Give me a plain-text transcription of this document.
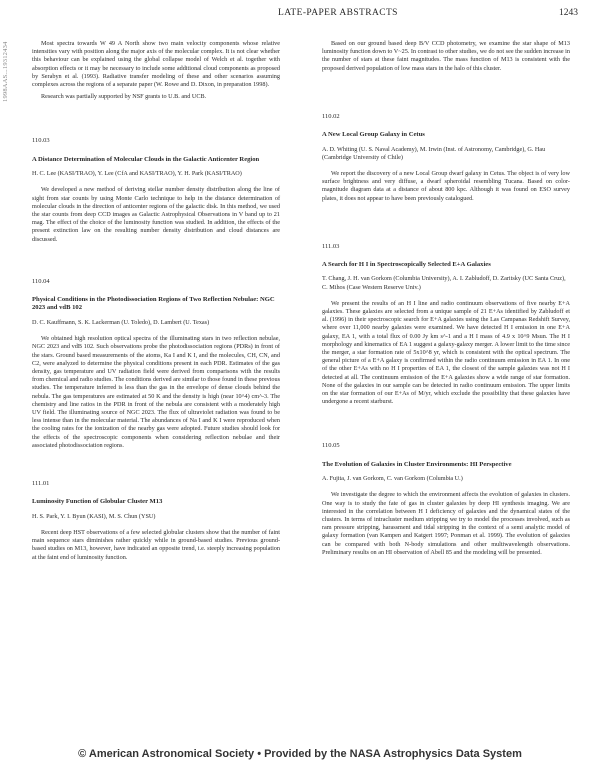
LATE-PAPER ABSTRACTS	1243
1998AAS...19312434	Most spectra towards W 49 A North show two main velocity components whose relative intensities vary with position along the major axis of the molecular complex. It is not clear whether this behaviour can be explained using the global collapse model of Welch et al. together with absorption effects or it may be necessary to include some additional cloud components as proposed by Serabyn et al. (1993). Radiative transfer modeling of these and other scenarios assuming complexes across the regions of a separate paper (W. Rowe and D. Dixon, in preparation 1998).

Research was partially supported by NSF grants to U.B. and UCB.

110.03
A Distance Determination of Molecular Clouds in the Galactic Anticenter Region
H. C. Lee (KASI/TRAO), Y. Lee (CfA and KASI/TRAO), Y. H. Park (KASI/TRAO)

We developed a new method of deriving stellar number density distribution along the line of sight from star counts by using Monte Carlo technique to help in the distance determination of molecular clouds in the direction of anticenter regions of the galactic disk. In this method, we used the star counts from deep CCD images as Galactic Astrophysical Observations in V band up to 21 mag. The effect of the choice of the luminosity function was studied. In addition, the effects of the present extinction law on the resulting number density distribution and cloud distances are discussed.

110.04
Physical Conditions in the Photodissociation Regions of Two Reflection Nebulae: NGC 2023 and vdB 102
D. C. Kauffmann, S. K. Lackerman (U. Toledo), D. Lambert (U. Texas)

We obtained high resolution optical spectra of the illuminating stars in two reflection nebulae, NGC 2023 and vdB 102. Such observations probe the photodissociation regions (PDRs) in front of the stars. Ground based measurements of the atoms, Ka I and K I, and the molecules, CH, CN, and C2, were analyzed to determine the physical conditions present in each PDR. Estimates of the gas density, gas temperature and UV radiation field were derived from comparisons with the results from chemical and radio studies. The conditions derived are similar to those found in these previous studies. The temperature inferred is less than the gas in the envelope of dense clouds behind the nebula. The gas temperatures are estimated at 50 K and the density is high (near 10^4) cm^-3. The chemistry and line ratios in the PDR in front of the nebula are consistent with a moderately high UV field. The illuminating source of NGC 2023. The flux of ultraviolet radiation was found to be less intense than in the molecular material. The abundances of Na I and K I were reproduced when the cooling rates for the ionization of the nearby gas were adopted. Future studies should look for the effects of the spectroscopic components when considering reflection nebulae and their associated photodissociation regions.

111.01
Luminosity Function of Globular Cluster M13
H. S. Park, Y. I. Byun (KASI), M. S. Chun (YSU)

Recent deep HST observations of a few selected globular clusters show that the number of faint main sequence stars diminishes rather quickly while in ground-based studies. Previous ground-based studies on M13, however, have indicated an opposite trend, i.e. steeply increasing population at the faint end of luminosity function.

Based on our ground based deep B/V CCD photometry, we examine the star shape of M13 luminosity function down to V~25. In contrast to other studies, we do not see the sudden increase in the number of stars at these faint magnitudes. The mass function of M13 is consistent with the proposed derived population of low mass stars in the halo of this cluster.

110.02
A New Local Group Galaxy in Cetus
A. D. Whiting (U. S. Naval Academy), M. Irwin (Inst. of Astronomy, Cambridge), G. Hau (Cambridge University of Chile)

We report the discovery of a new Local Group dwarf galaxy in Cetus. The object is of very low surface brightness and very diffuse, a dwarf spheroidal resembling Tucana. Based on color-magnitude diagram data at a distance of about 800 kpc. Although it was found on ESO survey plates, it does not appear to have been previously catalogued.

111.03
A Search for H I in Spectroscopically Selected E+A Galaxies
T. Chang, J. H. van Gorkom (Columbia University), A. I. Zabludoff, D. Zaritsky (UC Santa Cruz), C. Mihos (Case Western Reserve Univ.)

We present the results of an H I line and radio continuum observations of five nearby E+A galaxies. These galaxies are selected from a unique sample of 21 E+As identified by Zabludoff et al. (1996) in their spectroscopic search for E+A galaxies using the Las Campanas Redshift Survey, where over 11,000 nearby galaxies were examined. We have detected H I emission in one E+A galaxy, EA 1, with a total flux of 0.00 Jy km s^-1 and a H I mass of 4.9 x 10^9 Msun. The H I morphology and kinematics of EA 1 suggest a galaxy-galaxy merger. A lower limit to the time since the merger, a star formation rate of 5x10^8 yr, which is consistent with the optical spectrum. The general picture of a E+A galaxy is confirmed within the radio continuum emission in EA 1. In one of the other E+As with no H I properties of EA 1, the closest of the sample galaxies was not H I detected at all. The continuum emission of the E+A galaxies show a wide range of star formation. None of the galaxies in our sample can be detected in radio continuum emission. The upper limits on the star formation of our E+As of M/yr, which exclude the possibility that these galaxies have undergone a recent starburst.

110.05
The Evolution of Galaxies in Cluster Environments: HI Perspective
A. Fujita, J. van Gorkom, C. van Gorkom (Columbia U.)

We investigate the degree to which the environment affects the evolution of galaxies in clusters. One way is to study the fate of gas in cluster galaxies by deep HI synthesis imaging. We are interested in the correlation between H I deficiency of galaxies and the dynamical states of the clusters. In terms of intracluster medium stripping we try to model the processes involved, such as ram pressure stripping, harassment and tidal stripping in the context of a semi analytic model of galaxy formation (van Kampen and Katgert 1997; Ponman et al. 1999). The evolution of galaxies can be compared with both N-body simulations and other multiwavelength observations. Preliminary results on an HI observation of Abell 85 and the modeling will be presented.

© American Astronomical Society • Provided by the NASA Astrophysics Data System
